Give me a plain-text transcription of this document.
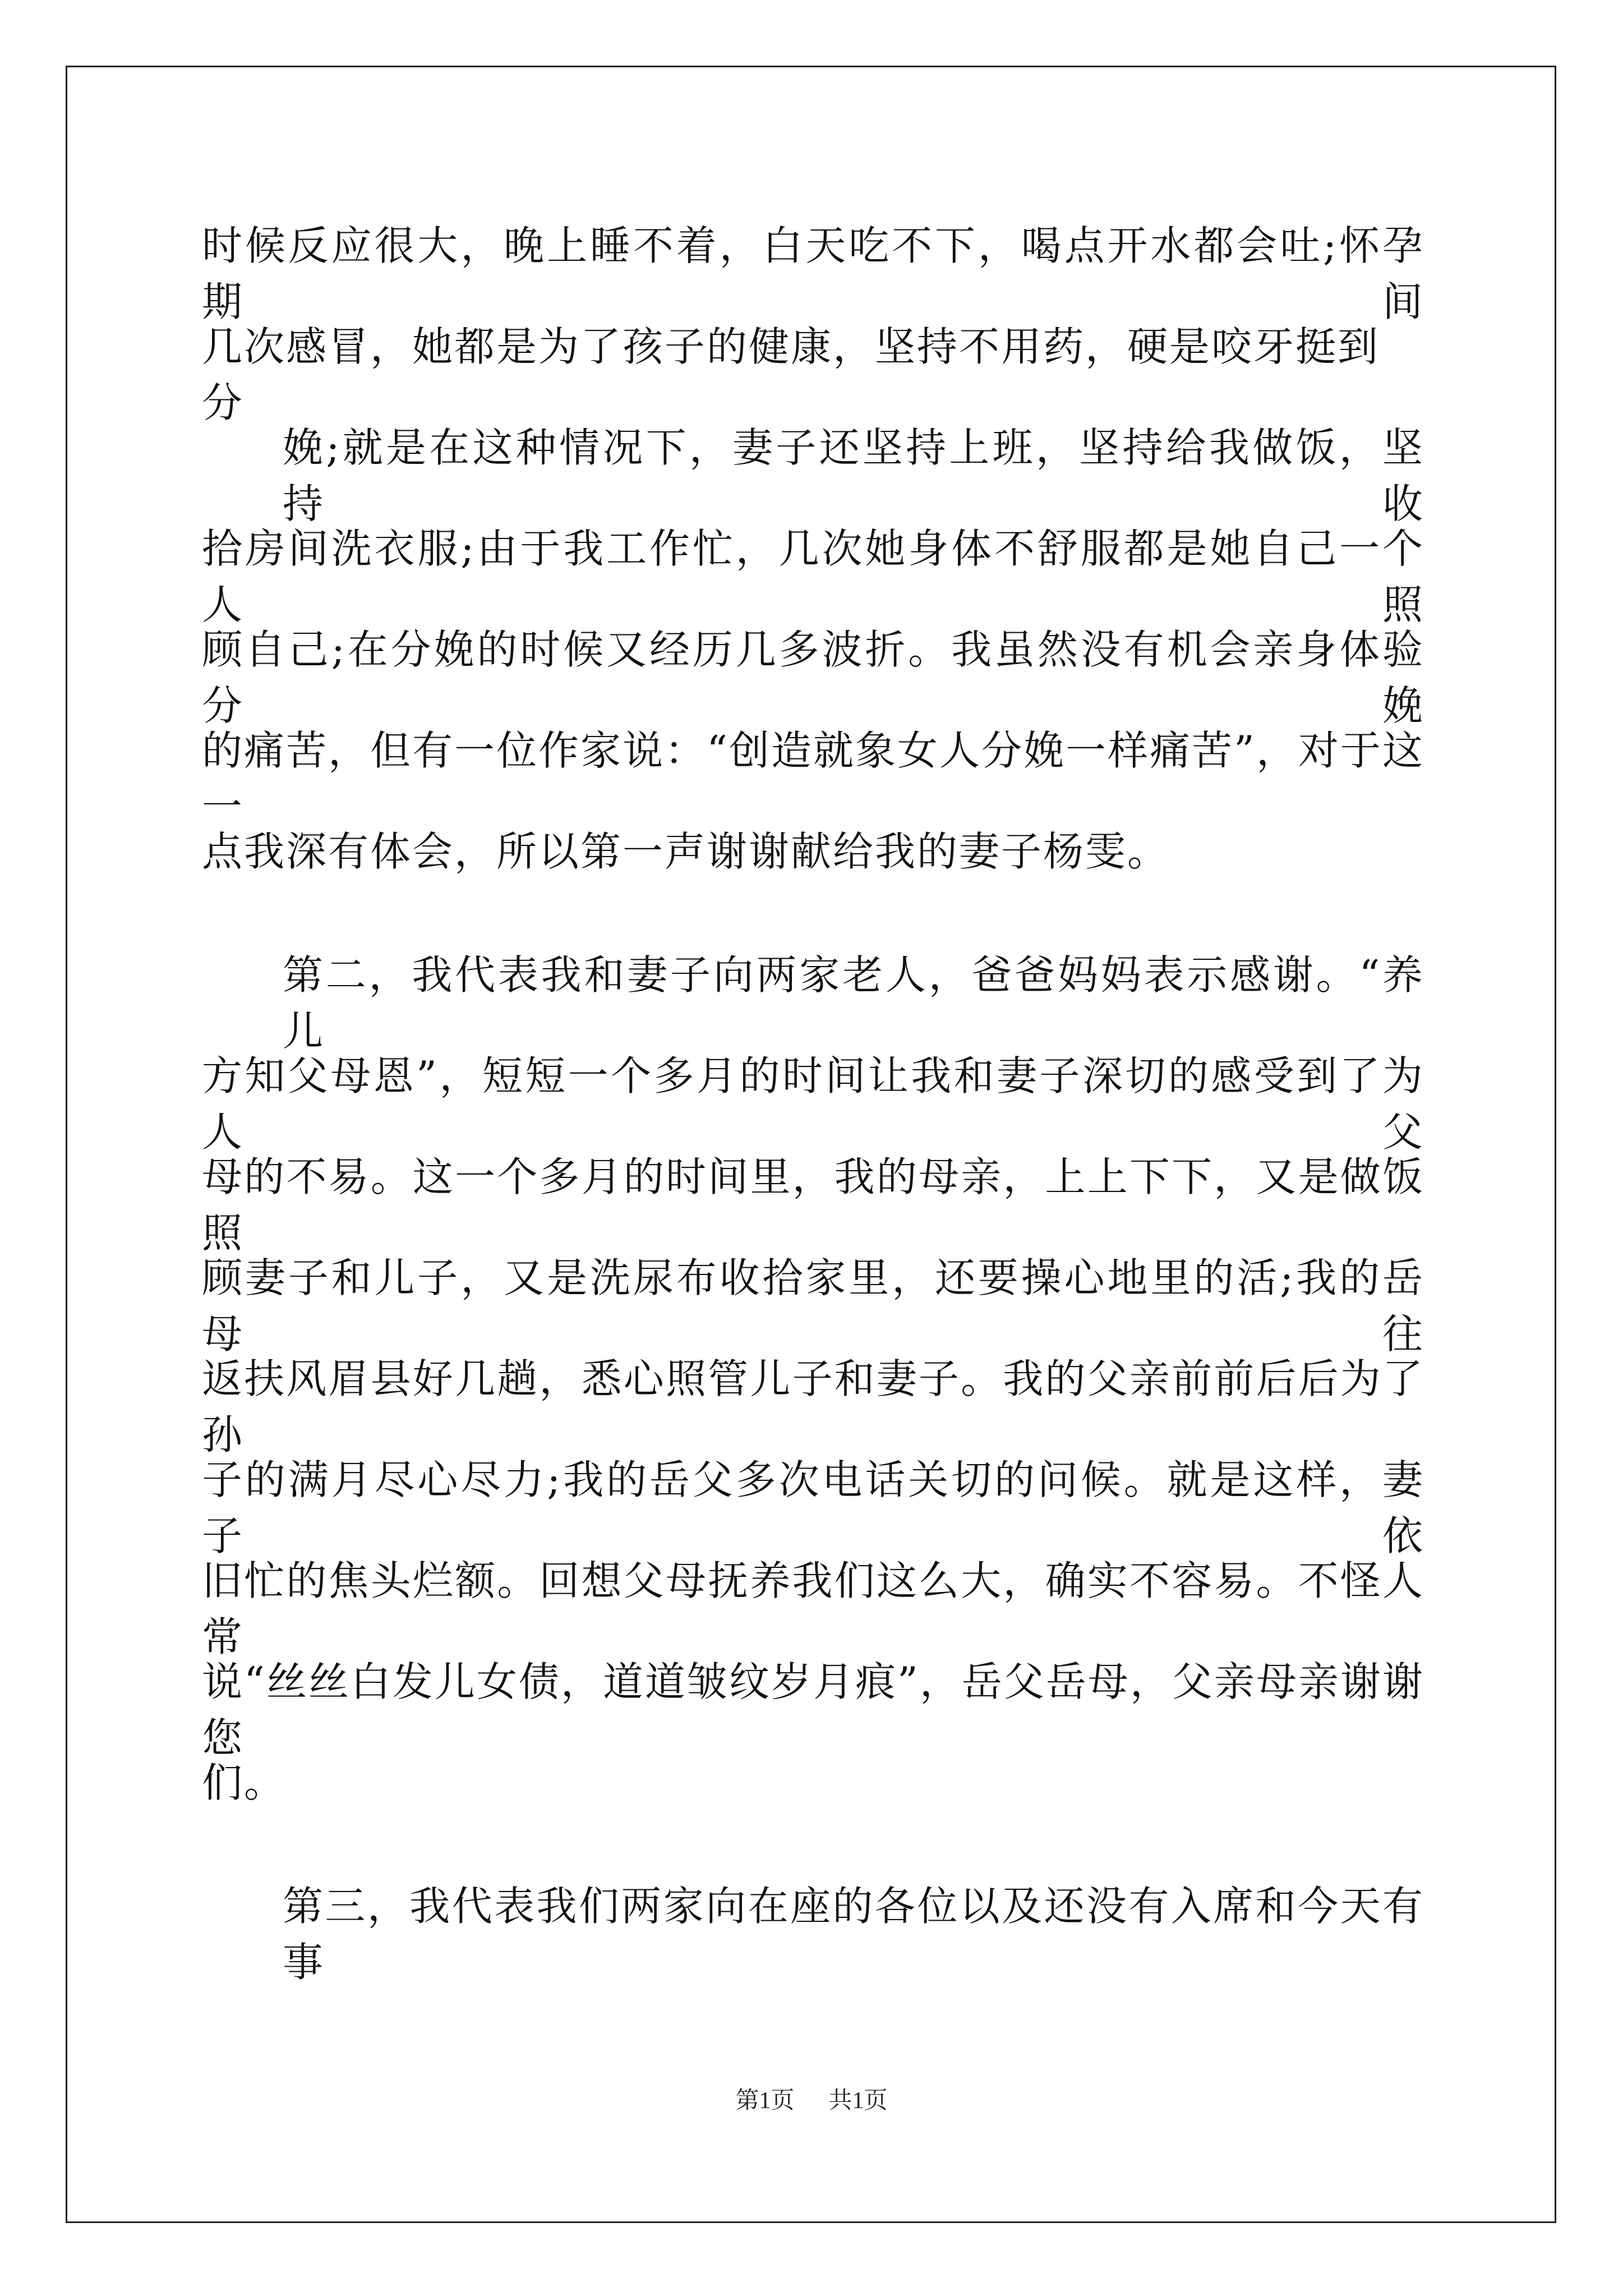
时候反应很大，晚上睡不着，白天吃不下，喝点开水都会吐;怀孕期间
几次感冒，她都是为了孩子的健康，坚持不用药，硬是咬牙挺到分
娩;就是在这种情况下，妻子还坚持上班，坚持给我做饭，坚持收
拾房间洗衣服;由于我工作忙，几次她身体不舒服都是她自己一个人照
顾自己;在分娩的时候又经历几多波折。我虽然没有机会亲身体验分娩
的痛苦，但有一位作家说：“创造就象女人分娩一样痛苦”，对于这一
点我深有体会，所以第一声谢谢献给我的妻子杨雯。
第二，我代表我和妻子向两家老人，爸爸妈妈表示感谢。“养儿
方知父母恩”，短短一个多月的时间让我和妻子深切的感受到了为人父
母的不易。这一个多月的时间里，我的母亲，上上下下，又是做饭照
顾妻子和儿子，又是洗尿布收拾家里，还要操心地里的活;我的岳母往
返扶风眉县好几趟，悉心照管儿子和妻子。我的父亲前前后后为了孙
子的满月尽心尽力;我的岳父多次电话关切的问候。就是这样，妻子依
旧忙的焦头烂额。回想父母抚养我们这么大，确实不容易。不怪人常
说“丝丝白发儿女债，道道皱纹岁月痕”，岳父岳母，父亲母亲谢谢您
们。
第三，我代表我们两家向在座的各位以及还没有入席和今天有事
第1页 共1页
